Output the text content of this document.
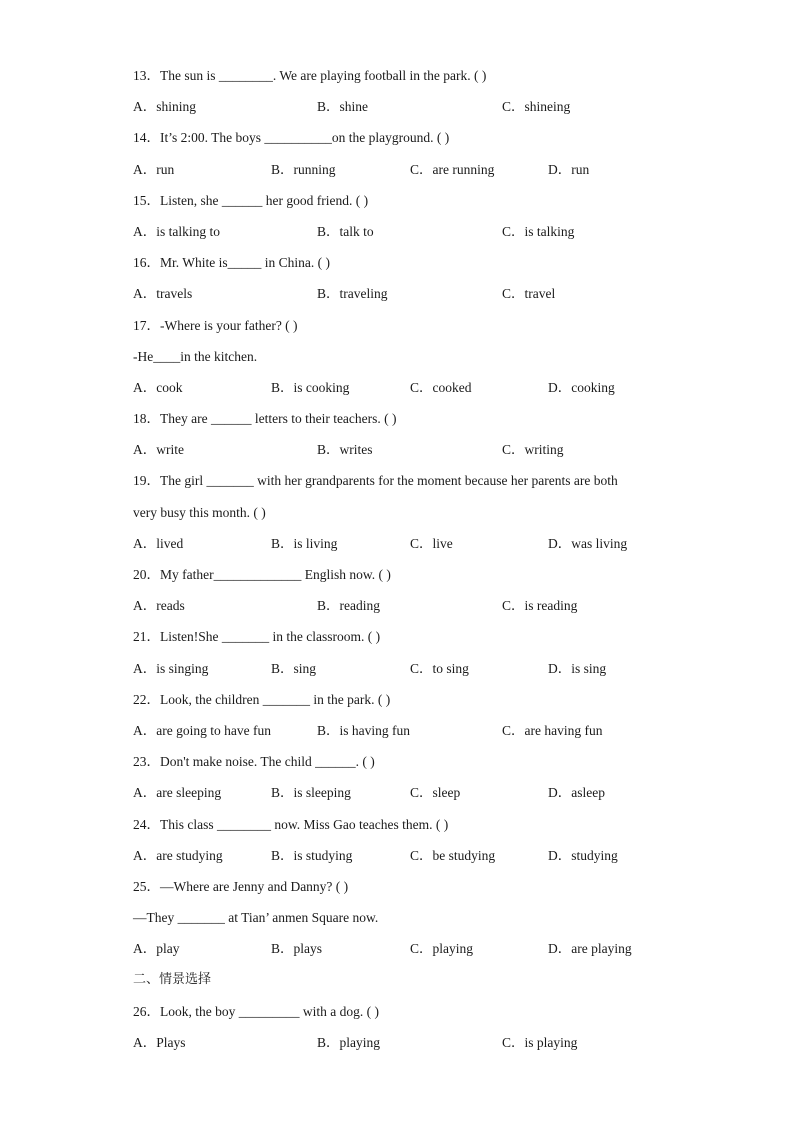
13．The sun is ________. We are playing football in the park. ( )
A．shining	B．shine	C．shineing
14．It’s 2:00. The boys __________on the playground. ( )
A．run	B．running	C．are running	D．run
15．Listen, she ______ her good friend. ( )
A．is talking to	B．talk to	C．is talking
16．Mr. White is_____ in China. ( )
A．travels	B．traveling	C．travel
17．-Where is your father? ( )
-He____in the kitchen.
A．cook	B．is cooking	C．cooked	D．cooking
18．They are ______ letters to their teachers. ( )
A．write	B．writes	C．writing
19．The girl _______ with her grandparents for the moment because her parents are both
very busy this month. ( )
A．lived	B．is living	C．live	D．was living
20．My father_____________ English now. ( )
A．reads	B．reading	C．is reading
21．Listen!She _______ in the classroom. ( )
A．is singing	B．sing	C．to sing	D．is sing
22．Look, the children _______ in the park. ( )
A．are going to have fun	B．is having fun	C．are having fun
23．Don't make noise. The child ______. ( )
A．are sleeping	B．is sleeping	C．sleep	D．asleep
24．This class ________ now. Miss Gao teaches them. ( )
A．are studying	B．is studying	C．be studying	D．studying
25．—Where are Jenny and Danny? ( )
—They _______ at Tian’ anmen Square now.
A．play	B．plays	C．playing	D．are playing
二、情景选择
26．Look, the boy _________ with a dog. ( )
A．Plays	B．playing	C．is playing
